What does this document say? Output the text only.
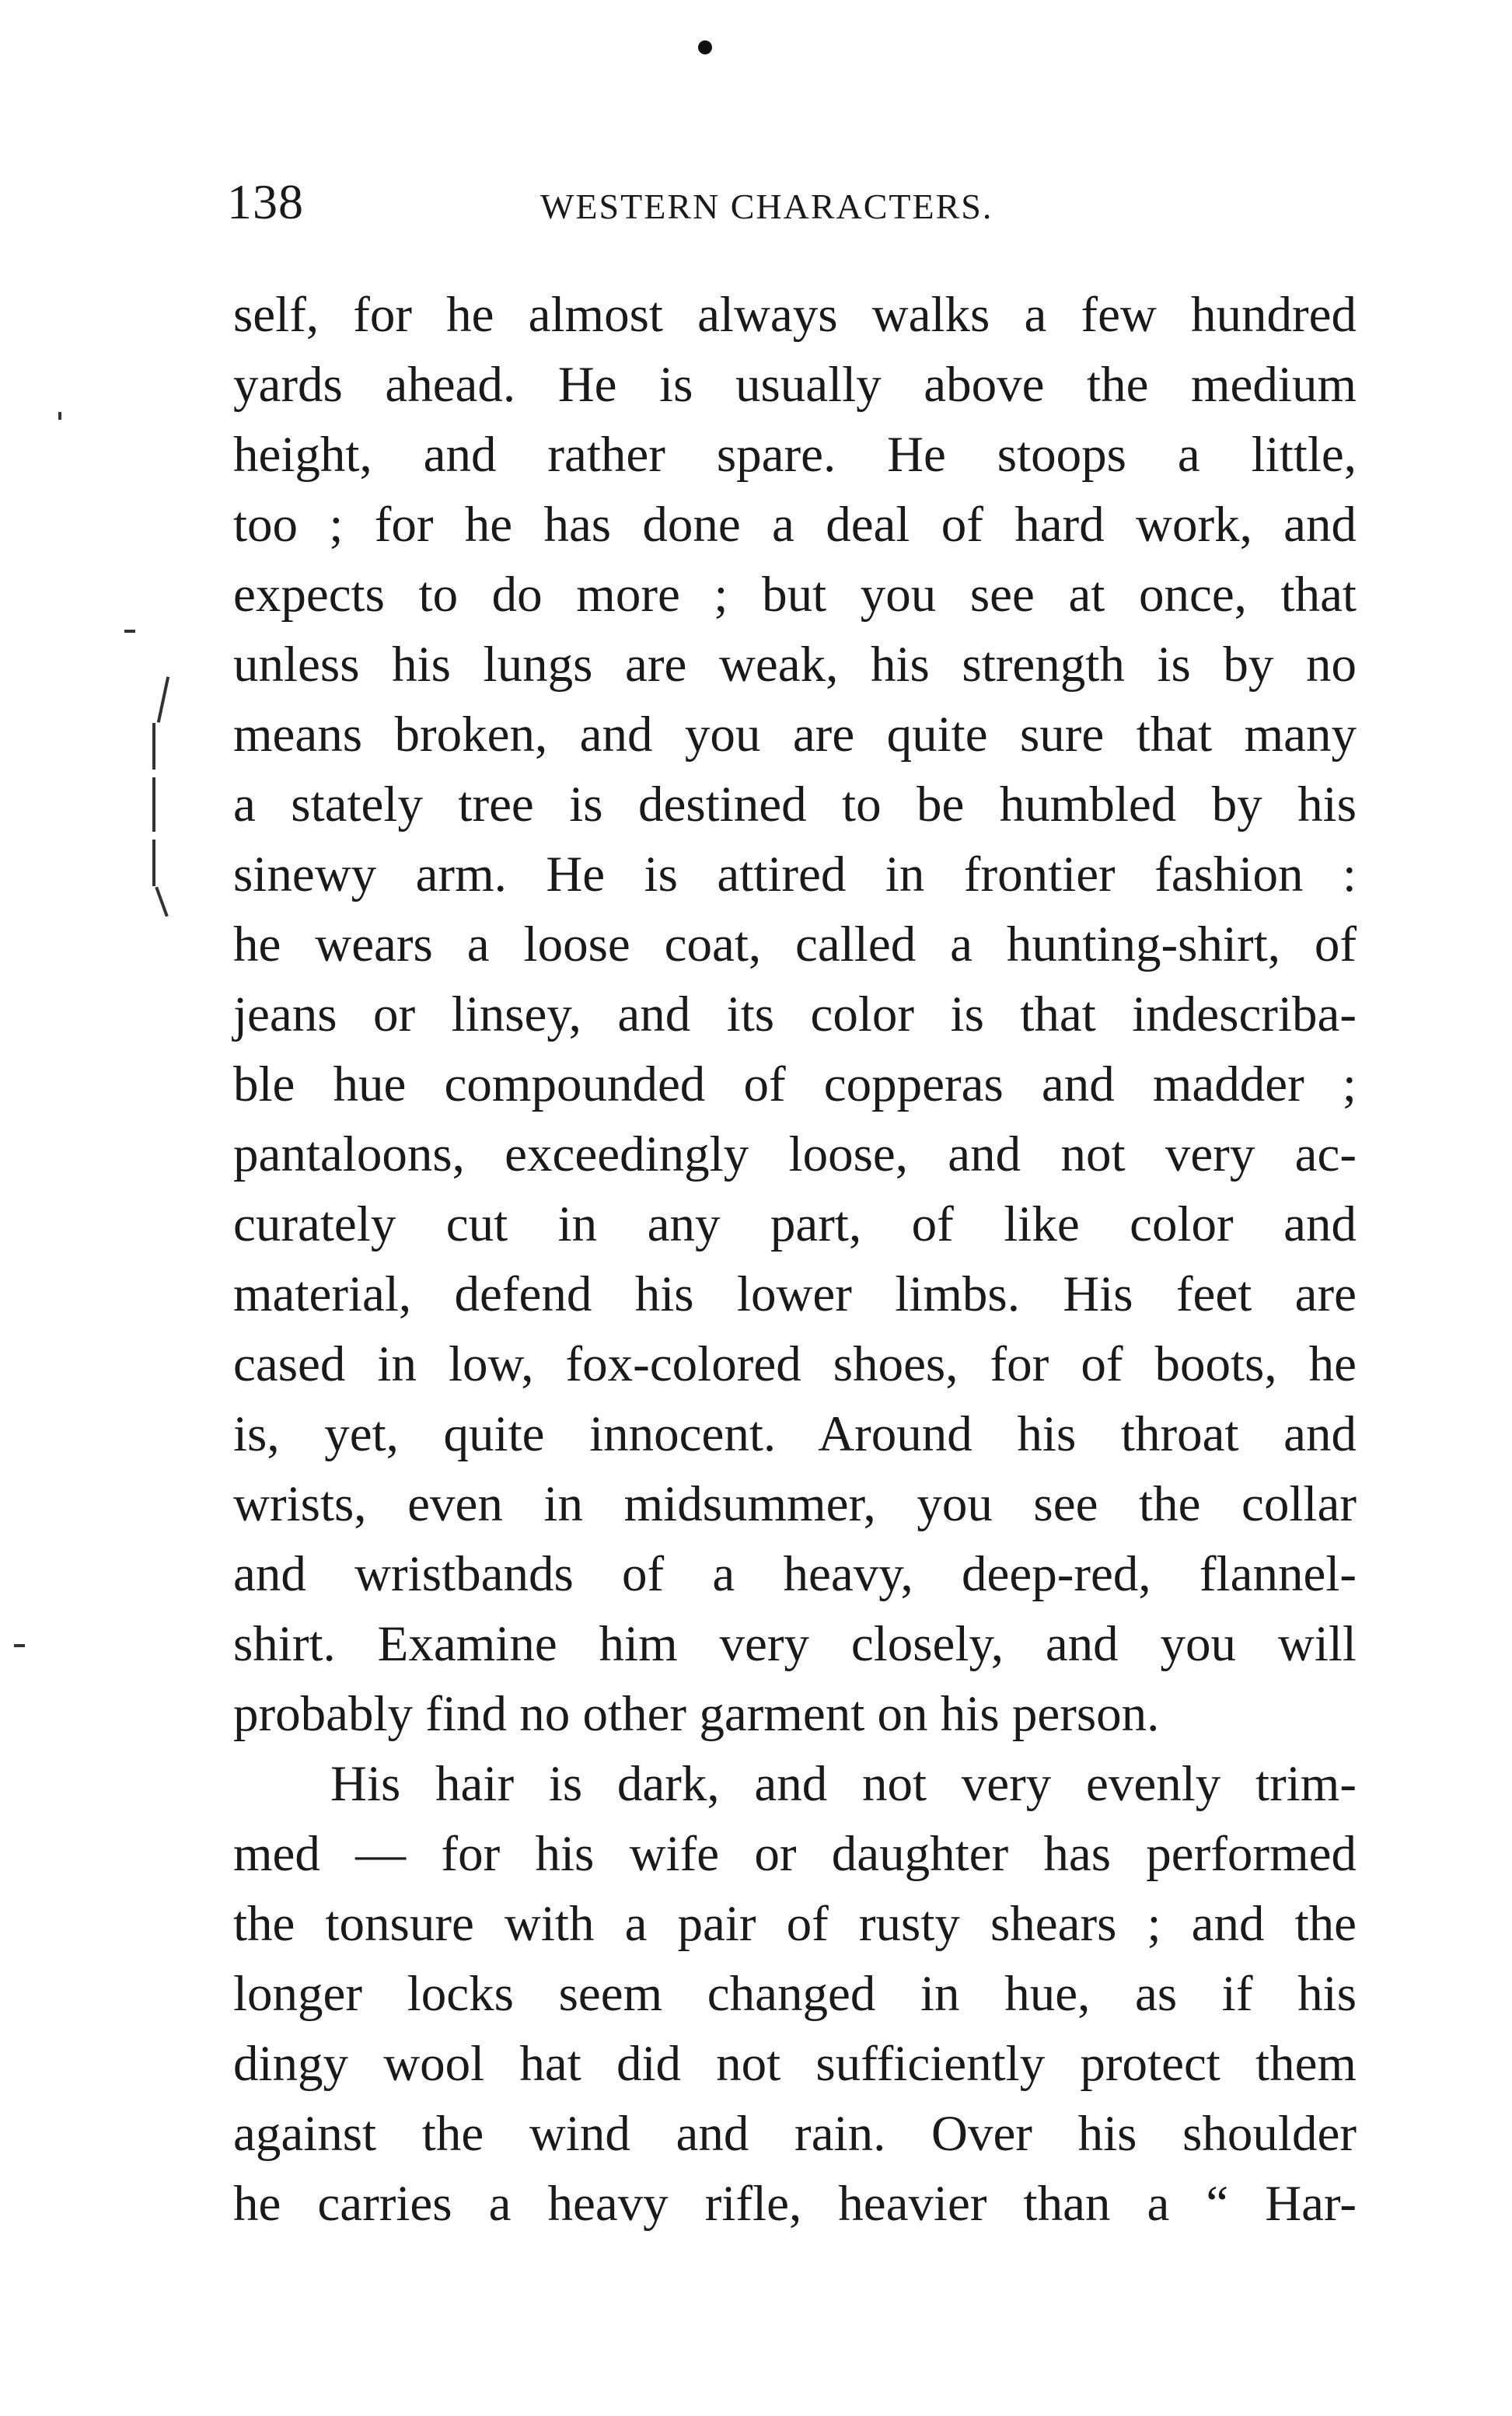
138	WESTERN CHARACTERS.
self, for he almost always walks a few hundred
yards ahead. He is usually above the medium
height, and rather spare. He stoops a little,
too ; for he has done a deal of hard work, and
expects to do more ; but you see at once, that
unless his lungs are weak, his strength is by no
means broken, and you are quite sure that many
a stately tree is destined to be humbled by his
sinewy arm. He is attired in frontier fashion :
he wears a loose coat, called a hunting-shirt, of
jeans or linsey, and its color is that indescriba-
ble hue compounded of copperas and madder ;
pantaloons, exceedingly loose, and not very ac-
curately cut in any part, of like color and
material, defend his lower limbs. His feet are
cased in low, fox-colored shoes, for of boots, he
is, yet, quite innocent. Around his throat and
wrists, even in midsummer, you see the collar
and wristbands of a heavy, deep-red, flannel-
shirt. Examine him very closely, and you will
probably find no other garment on his person.
His hair is dark, and not very evenly trim-
med — for his wife or daughter has performed
the tonsure with a pair of rusty shears ; and the
longer locks seem changed in hue, as if his
dingy wool hat did not sufficiently protect them
against the wind and rain. Over his shoulder
he carries a heavy rifle, heavier than a “ Har-
